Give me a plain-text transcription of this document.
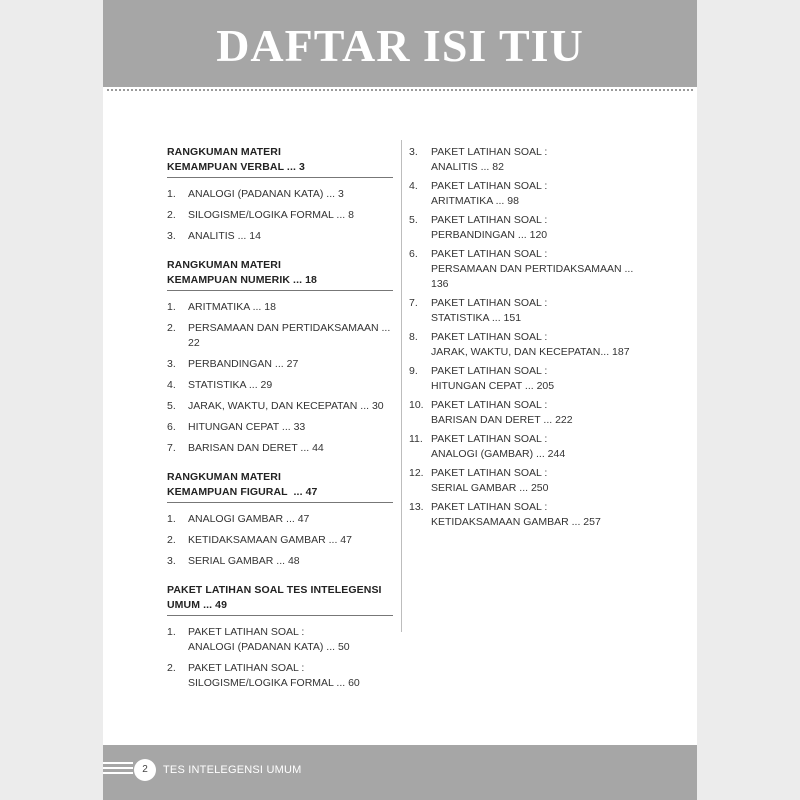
DAFTAR ISI TIU
RANGKUMAN MATERI
KEMAMPUAN VERBAL ... 3
1.	ANALOGI (PADANAN KATA) ... 3
2.	SILOGISME/LOGIKA FORMAL ... 8
3.	ANALITIS ... 14
RANGKUMAN MATERI
KEMAMPUAN NUMERIK ... 18
1.	ARITMATIKA ... 18
2.	PERSAMAAN DAN PERTIDAKSAMAAN ... 22
3.	PERBANDINGAN ... 27
4.	STATISTIKA ... 29
5.	JARAK, WAKTU, DAN KECEPATAN ... 30
6.	HITUNGAN CEPAT ... 33
7.	BARISAN DAN DERET ... 44
RANGKUMAN MATERI
KEMAMPUAN FIGURAL  ... 47
1.	ANALOGI GAMBAR ... 47
2.	KETIDAKSAMAAN GAMBAR ... 47
3.	SERIAL GAMBAR ... 48
PAKET LATIHAN SOAL TES INTELEGENSI
UMUM ... 49
1.	PAKET LATIHAN SOAL :
ANALOGI (PADANAN KATA) ... 50
2.	PAKET LATIHAN SOAL :
SILOGISME/LOGIKA FORMAL ... 60
3.	PAKET LATIHAN SOAL :
ANALITIS ... 82
4.	PAKET LATIHAN SOAL :
ARITMATIKA ... 98
5.	PAKET LATIHAN SOAL :
PERBANDINGAN ... 120
6.	PAKET LATIHAN SOAL :
PERSAMAAN DAN PERTIDAKSAMAAN ...
136
7.	PAKET LATIHAN SOAL :
STATISTIKA ... 151
8.	PAKET LATIHAN SOAL :
JARAK, WAKTU, DAN KECEPATAN... 187
9.	PAKET LATIHAN SOAL :
HITUNGAN CEPAT ... 205
10. PAKET LATIHAN SOAL :
BARISAN DAN DERET ... 222
11. PAKET LATIHAN SOAL :
ANALOGI (GAMBAR) ... 244
12. PAKET LATIHAN SOAL :
SERIAL GAMBAR ... 250
13. PAKET LATIHAN SOAL :
KETIDAKSAMAAN GAMBAR ... 257
2	TES INTELEGENSI UMUM
